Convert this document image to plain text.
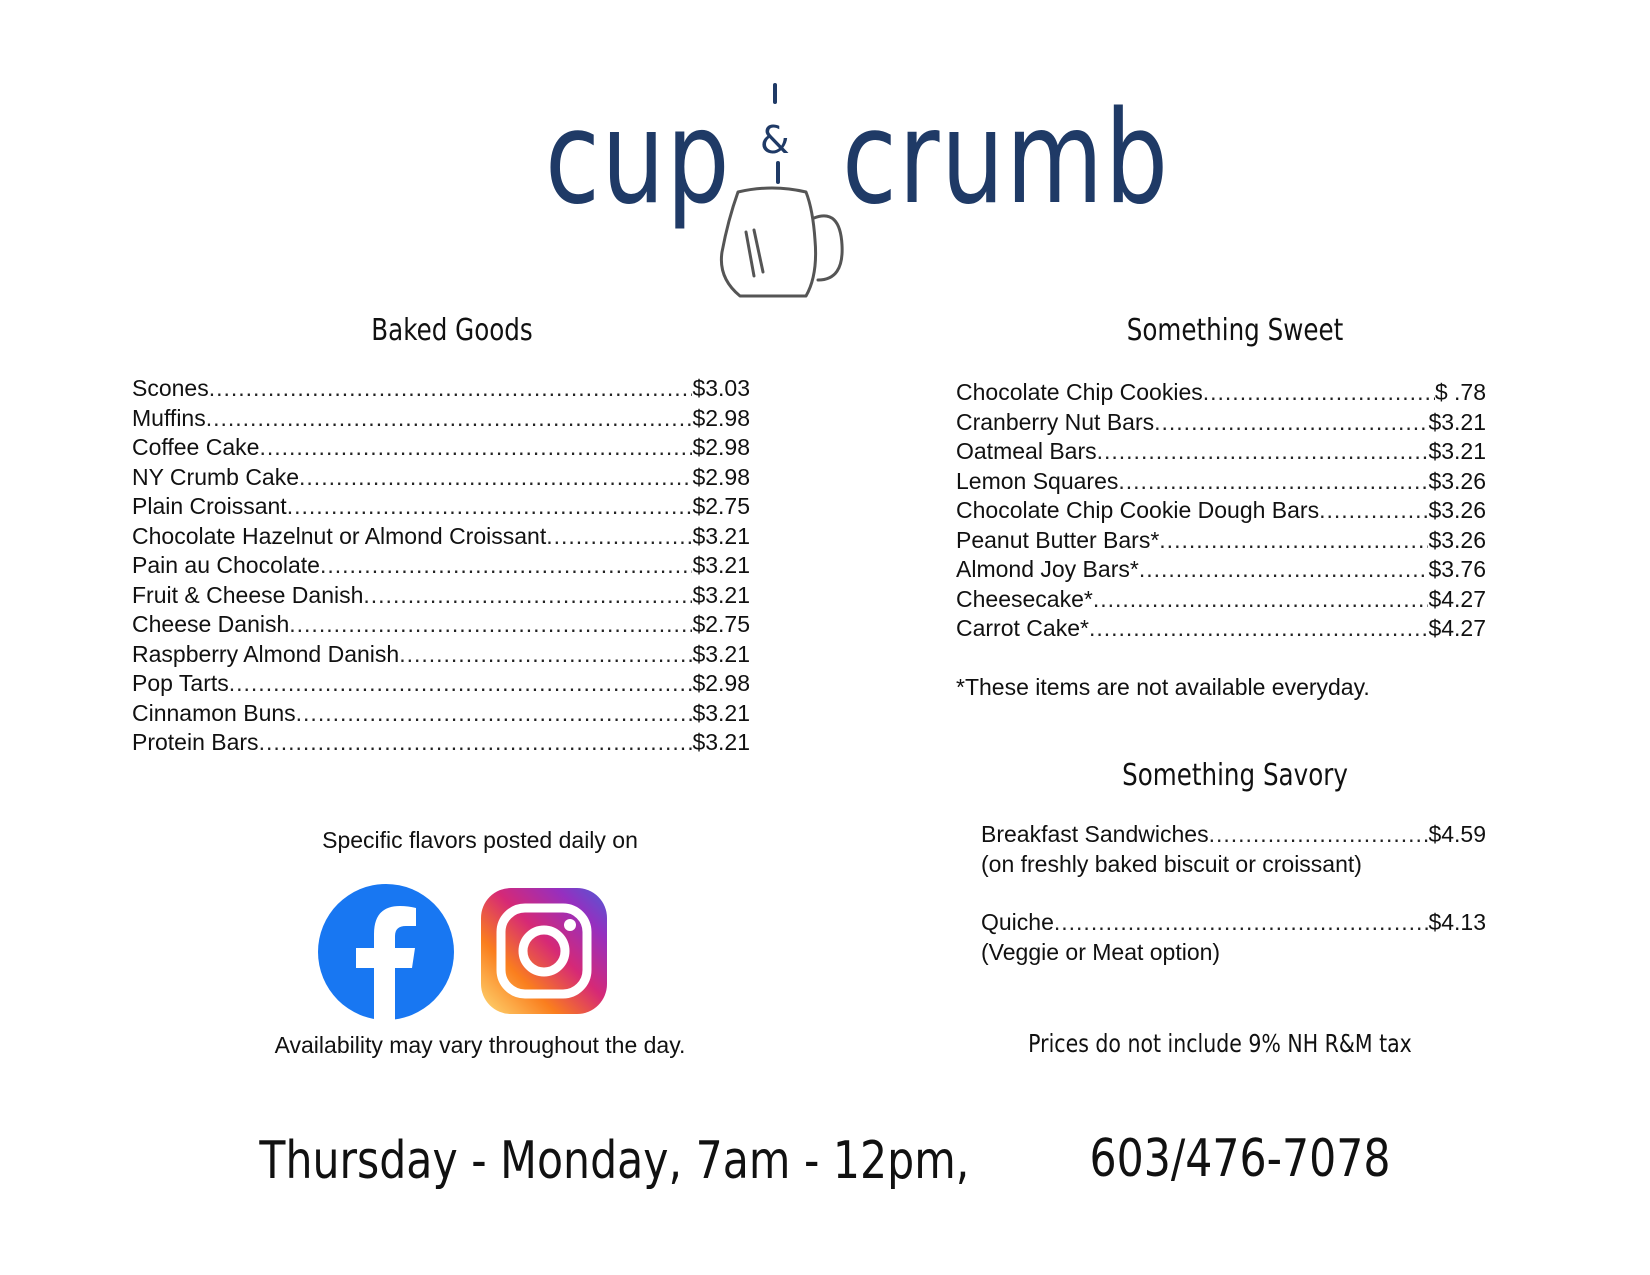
cup crumb
&
Baked Goods
Scones .....	$3.03
Muffins .....	$2.98
Coffee Cake .....	$2.98
NY Crumb Cake .....	$2.98
Plain Croissant .....	$2.75
Chocolate Hazelnut or Almond Croissant .....	$3.21
Pain au Chocolate .....	$3.21
Fruit & Cheese Danish .....	$3.21
Cheese Danish .....	$2.75
Raspberry Almond Danish .....	$3.21
Pop Tarts .....	$2.98
Cinnamon Buns .....	$3.21
Protein Bars .....	$3.21
Specific flavors posted daily on
Availability may vary throughout the day.
Thursday - Monday, 7am - 12pm,
Something Sweet
Chocolate Chip Cookies .....	$ .78
Cranberry Nut Bars .....	$3.21
Oatmeal Bars .....	$3.21
Lemon Squares .....	$3.26
Chocolate Chip Cookie Dough Bars .....	$3.26
Peanut Butter Bars* .....	$3.26
Almond Joy Bars* .....	$3.76
Cheesecake* .....	$4.27
Carrot Cake* .....	$4.27
*These items are not available everyday.
Something Savory
Breakfast Sandwiches .....	$4.59
(on freshly baked biscuit or croissant)
Quiche .....	$4.13
(Veggie or Meat option)
Prices do not include 9% NH R&M tax
603/476-7078
